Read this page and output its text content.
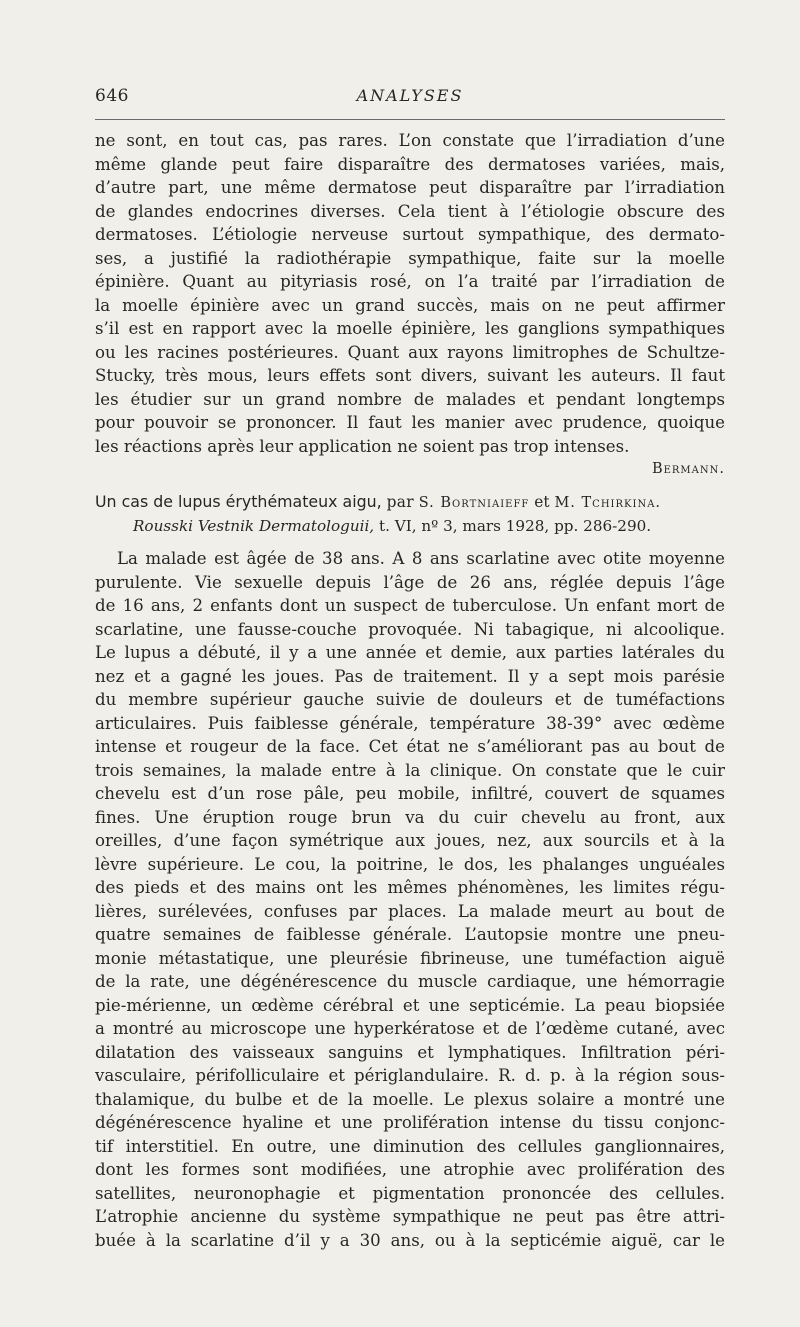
646	ANALYSES
ne sont, en tout cas, pas rares. L’on constate que l’irradiation d’une
même glande peut faire disparaître des dermatoses variées, mais,
d’autre part, une même dermatose peut disparaître par l’irradiation
de glandes endocrines diverses. Cela tient à l’étiologie obscure des
dermatoses. L’étiologie nerveuse surtout sympathique, des dermato-
ses, a justifié la radiothérapie sympathique, faite sur la moelle
épinière. Quant au pityriasis rosé, on l’a traité par l’irradiation de
la moelle épinière avec un grand succès, mais on ne peut affirmer
s’il est en rapport avec la moelle épinière, les ganglions sympathiques
ou les racines postérieures. Quant aux rayons limitrophes de Schultze-
Stucky, très mous, leurs effets sont divers, suivant les auteurs. Il faut
les étudier sur un grand nombre de malades et pendant longtemps
pour pouvoir se prononcer. Il faut les manier avec prudence, quoique
les réactions après leur application ne soient pas trop intenses.
Bermann.
Un cas de lupus érythémateux aigu, par S. Bortniaieff et M. Tchirkina.
Rousski Vestnik Dermatologuii, t. VI, nº 3, mars 1928, pp. 286-290.
La malade est âgée de 38 ans. A 8 ans scarlatine avec otite moyenne
purulente. Vie sexuelle depuis l’âge de 26 ans, réglée depuis l’âge
de 16 ans, 2 enfants dont un suspect de tuberculose. Un enfant mort de
scarlatine, une fausse-couche provoquée. Ni tabagique, ni alcoolique.
Le lupus a débuté, il y a une année et demie, aux parties latérales du
nez et a gagné les joues. Pas de traitement. Il y a sept mois parésie
du membre supérieur gauche suivie de douleurs et de tuméfactions
articulaires. Puis faiblesse générale, température 38-39° avec œdème
intense et rougeur de la face. Cet état ne s’améliorant pas au bout de
trois semaines, la malade entre à la clinique. On constate que le cuir
chevelu est d’un rose pâle, peu mobile, infiltré, couvert de squames
fines. Une éruption rouge brun va du cuir chevelu au front, aux
oreilles, d’une façon symétrique aux joues, nez, aux sourcils et à la
lèvre supérieure. Le cou, la poitrine, le dos, les phalanges unguéales
des pieds et des mains ont les mêmes phénomènes, les limites régu-
lières, surélevées, confuses par places. La malade meurt au bout de
quatre semaines de faiblesse générale. L’autopsie montre une pneu-
monie métastatique, une pleurésie fibrineuse, une tuméfaction aiguë
de la rate, une dégénérescence du muscle cardiaque, une hémorragie
pie-mérienne, un œdème cérébral et une septicémie. La peau biopsiée
a montré au microscope une hyperkératose et de l’œdème cutané, avec
dilatation des vaisseaux sanguins et lymphatiques. Infiltration péri-
vasculaire, périfolliculaire et périglandulaire. R. d. p. à la région sous-
thalamique, du bulbe et de la moelle. Le plexus solaire a montré une
dégénérescence hyaline et une prolifération intense du tissu conjonc-
tif interstitiel. En outre, une diminution des cellules ganglionnaires,
dont les formes sont modifiées, une atrophie avec prolifération des
satellites, neuronophagie et pigmentation prononcée des cellules.
L’atrophie ancienne du système sympathique ne peut pas être attri-
buée à la scarlatine d’il y a 30 ans, ou à la septicémie aiguë, car le
